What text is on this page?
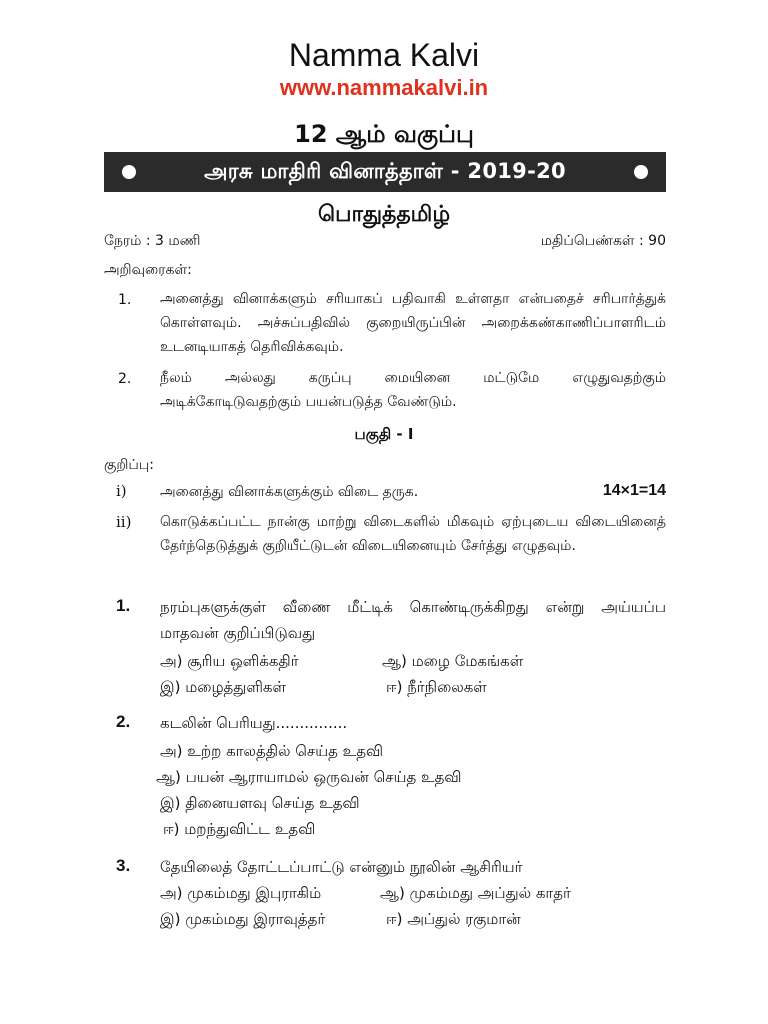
Namma Kalvi
www.nammakalvi.in
12 ஆம் வகுப்பு
அரசு மாதிரி வினாத்தாள் - 2019-20
பொதுத்தமிழ்
நேரம் : 3 மணி	மதிப்பெண்கள் : 90
அறிவுரைகள்:
1. அனைத்து வினாக்களும் சரியாகப் பதிவாகி உள்ளதா என்பதைச் சரிபார்த்துக் கொள்ளவும். அச்சுப்பதிவில் குறையிருப்பின் அறைக்கண்காணிப்பாளரிடம் உடனடியாகத் தெரிவிக்கவும்.
2. நீலம் அல்லது கருப்பு மையினை மட்டுமே எழுதுவதற்கும் அடிக்கோடிடுவதற்கும் பயன்படுத்த வேண்டும்.
பகுதி - I
குறிப்பு:
i) அனைத்து வினாக்களுக்கும் விடை தருக.	14×1=14
ii) கொடுக்கப்பட்ட நான்கு மாற்று விடைகளில் மிகவும் ஏற்புடைய விடையினைத் தேர்ந்தெடுத்துக் குறியீட்டுடன் விடையினையும் சேர்த்து எழுதவும்.
1. நரம்புகளுக்குள் வீணை மீட்டிக் கொண்டிருக்கிறது என்று அய்யப்ப மாதவன் குறிப்பிடுவது
அ) சூரிய ஒளிக்கதிர்	ஆ) மழை மேகங்கள்
இ) மழைத்துளிகள்	ஈ) நீர்நிலைகள்
2. கடலின் பெரியது...............
அ) உற்ற காலத்தில் செய்த உதவி
ஆ) பயன் ஆராயாமல் ஒருவன் செய்த உதவி
இ) தினையளவு செய்த உதவி
ஈ) மறந்துவிட்ட உதவி
3. தேயிலைத் தோட்டப்பாட்டு என்னும் நூலின் ஆசிரியர்
அ) முகம்மது இபுராகிம்	ஆ) முகம்மது அப்துல் காதர்
இ) முகம்மது இராவுத்தர்	ஈ) அப்துல் ரகுமான்
